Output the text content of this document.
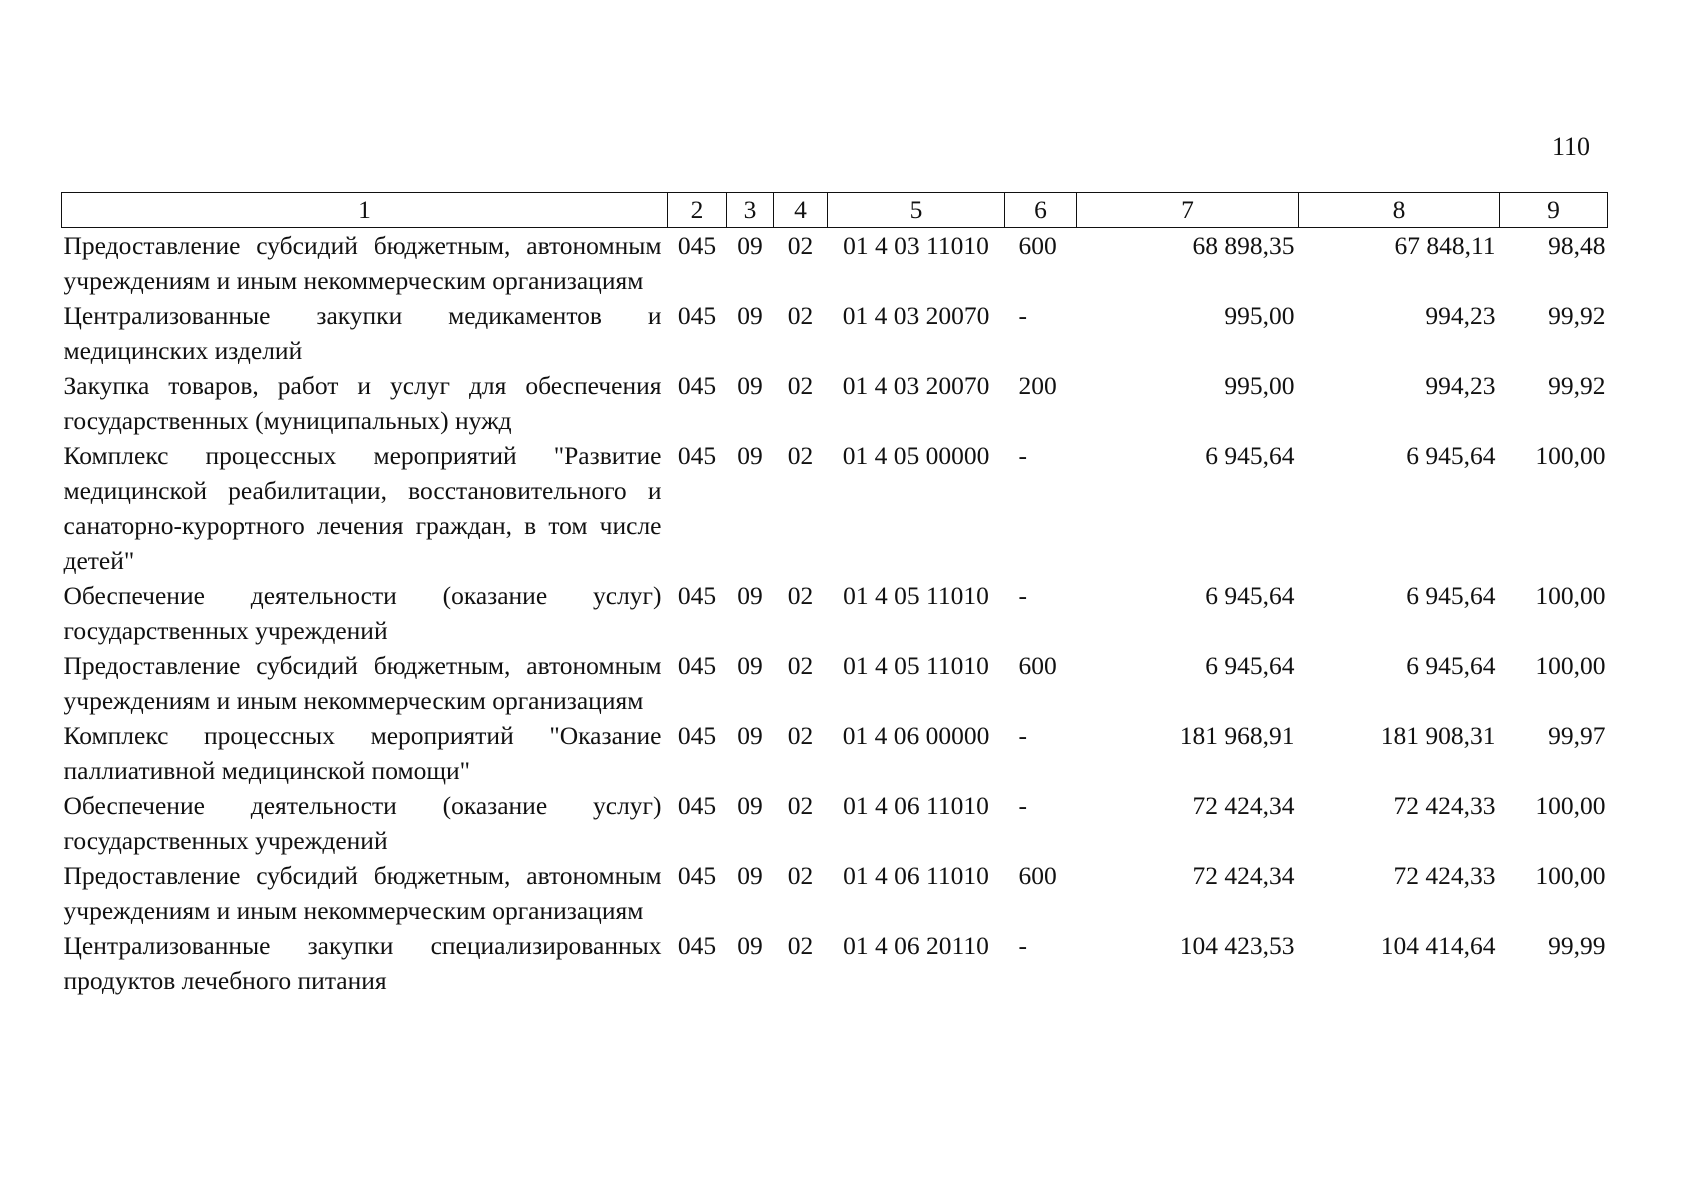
110
1	2	3	4	5	6	7	8	9
Предоставление субсидий бюджетным, автономным учреждениям и иным некоммерческим организациям	045	09	02	01 4 03 11010	600	68 898,35	67 848,11	98,48
Централизованные закупки медикаментов и медицинских изделий	045	09	02	01 4 03 20070	-	995,00	994,23	99,92
Закупка товаров, работ и услуг для обеспечения государственных (муниципальных) нужд	045	09	02	01 4 03 20070	200	995,00	994,23	99,92
Комплекс процессных мероприятий "Развитие медицинской реабилитации, восстановительного и санаторно-курортного лечения граждан, в том числе детей"	045	09	02	01 4 05 00000	-	6 945,64	6 945,64	100,00
Обеспечение деятельности (оказание услуг) государственных учреждений	045	09	02	01 4 05 11010	-	6 945,64	6 945,64	100,00
Предоставление субсидий бюджетным, автономным учреждениям и иным некоммерческим организациям	045	09	02	01 4 05 11010	600	6 945,64	6 945,64	100,00
Комплекс процессных мероприятий "Оказание паллиативной медицинской помощи"	045	09	02	01 4 06 00000	-	181 968,91	181 908,31	99,97
Обеспечение деятельности (оказание услуг) государственных учреждений	045	09	02	01 4 06 11010	-	72 424,34	72 424,33	100,00
Предоставление субсидий бюджетным, автономным учреждениям и иным некоммерческим организациям	045	09	02	01 4 06 11010	600	72 424,34	72 424,33	100,00
Централизованные закупки специализированных продуктов лечебного питания	045	09	02	01 4 06 20110	-	104 423,53	104 414,64	99,99
